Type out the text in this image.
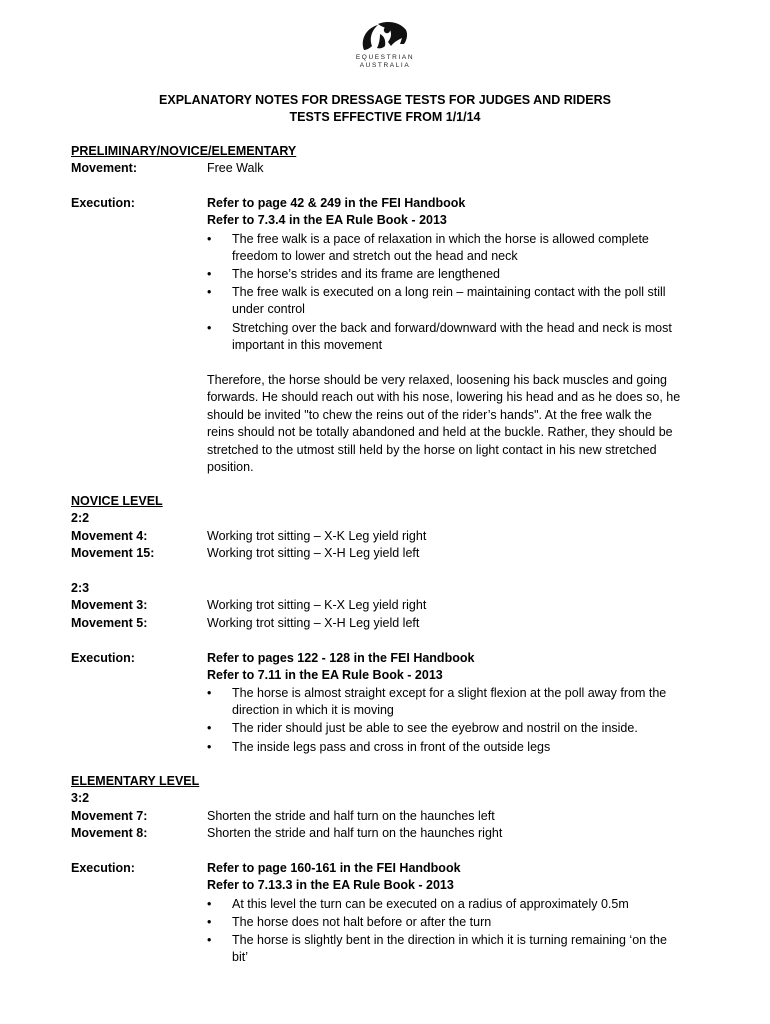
EQUESTRIAN
AUSTRALIA
EXPLANATORY NOTES FOR DRESSAGE TESTS FOR JUDGES AND RIDERS
TESTS EFFECTIVE FROM 1/1/14
PRELIMINARY/NOVICE/ELEMENTARY
Movement:	Free Walk
Execution:	Refer to page 42 & 249 in the FEI Handbook
Refer to 7.3.4 in the EA Rule Book - 2013
• The free walk is a pace of relaxation in which the horse is allowed complete
freedom to lower and stretch out the head and neck
• The horse’s strides and its frame are lengthened
• The free walk is executed on a long rein – maintaining contact with the poll still
under control
• Stretching over the back and forward/downward with the head and neck is most
important in this movement
Therefore, the horse should be very relaxed, loosening his back muscles and going
forwards. He should reach out with his nose, lowering his head and as he does so, he
should be invited "to chew the reins out of the rider’s hands". At the free walk the
reins should not be totally abandoned and held at the buckle. Rather, they should be
stretched to the utmost still held by the horse on light contact in his new stretched
position.
NOVICE LEVEL
2:2
Movement 4:	Working trot sitting – X-K Leg yield right
Movement 15:	Working trot sitting – X-H Leg yield left
2:3
Movement 3:	Working trot sitting – K-X Leg yield right
Movement 5:	Working trot sitting – X-H Leg yield left
Execution:	Refer to pages 122 - 128 in the FEI Handbook
Refer to 7.11 in the EA Rule Book - 2013
• The horse is almost straight except for a slight flexion at the poll away from the
direction in which it is moving
• The rider should just be able to see the eyebrow and nostril on the inside.
• The inside legs pass and cross in front of the outside legs
ELEMENTARY LEVEL
3:2
Movement 7:	Shorten the stride and half turn on the haunches left
Movement 8:	Shorten the stride and half turn on the haunches right
Execution:	Refer to page 160-161 in the FEI Handbook
Refer to 7.13.3 in the EA Rule Book - 2013
• At this level the turn can be executed on a radius of approximately 0.5m
• The horse does not halt before or after the turn
• The horse is slightly bent in the direction in which it is turning remaining ‘on the
bit’
